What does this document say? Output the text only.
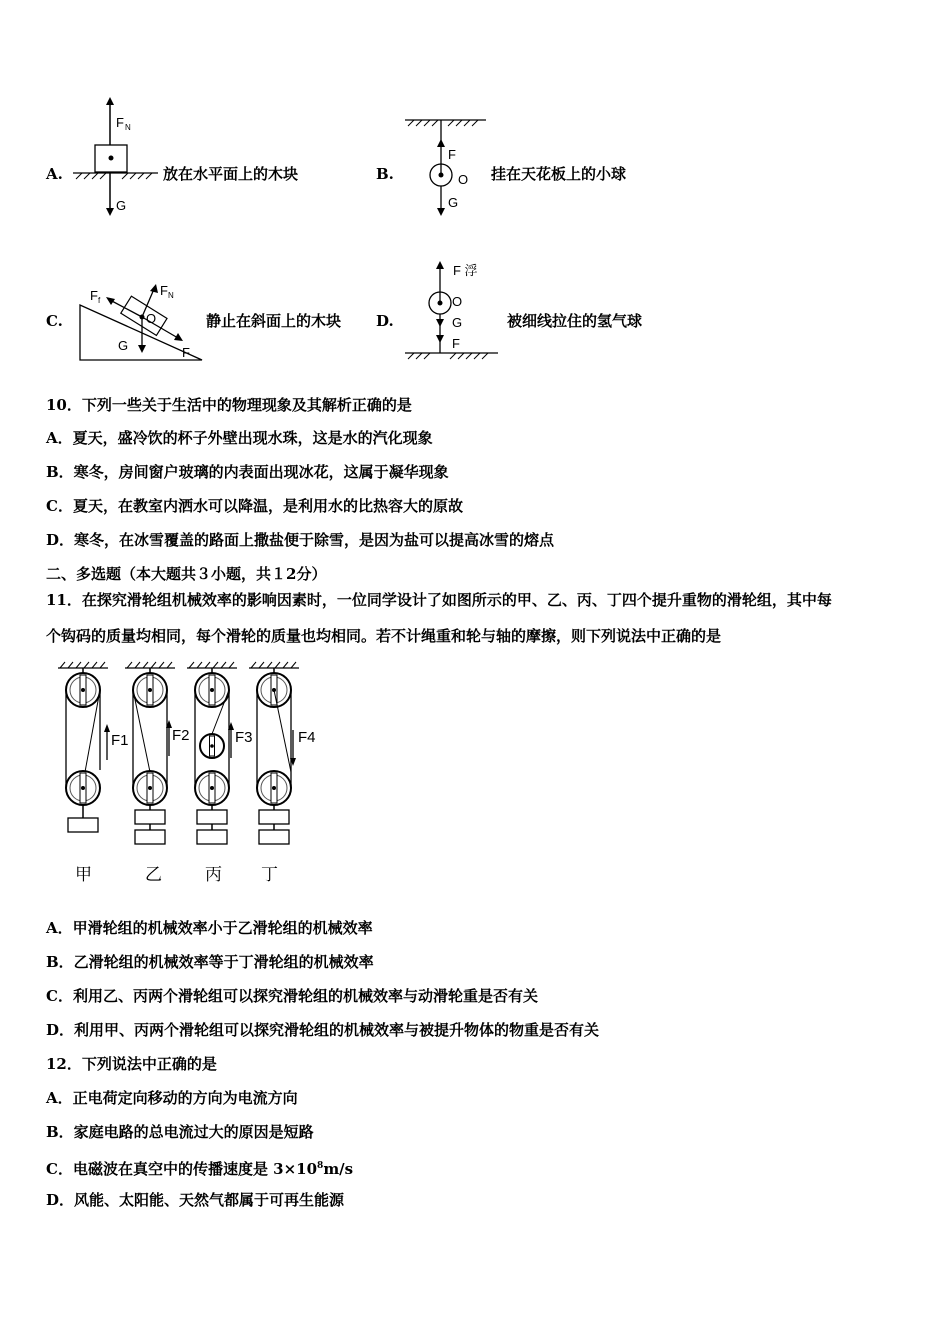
A.
F N
G
放在水平面上的木块	B.
F
O
G
挂在天花板上的小球
C.
F f
F N
O
G	F
静止在斜面上的木块 D.
F 浮
O
G
F
被细线拉住的氢气球
10．下列一些关于生活中的物理现象及其解析正确的是
A．夏天，盛冷饮的杯子外壁出现水珠，这是水的汽化现象
B．寒冬，房间窗户玻璃的内表面出现冰花，这属于凝华现象
C．夏天，在教室内洒水可以降温，是利用水的比热容大的原故
D．寒冬，在冰雪覆盖的路面上撒盐便于除雪，是因为盐可以提高冰雪的熔点
二、多选题（本大题共３小题，共１2分）
11．在探究滑轮组机械效率的影响因素时，一位同学设计了如图所示的甲、乙、丙、丁四个提升重物的滑轮组，其中每
个钩码的质量均相同，每个滑轮的质量也均相同。若不计绳重和轮与轴的摩擦，则下列说法中正确的是
F1	F2	F3	F4
甲	乙	丙 丁
A．甲滑轮组的机械效率小于乙滑轮组的机械效率
B．乙滑轮组的机械效率等于丁滑轮组的机械效率
C．利用乙、丙两个滑轮组可以探究滑轮组的机械效率与动滑轮重是否有关
D．利用甲、丙两个滑轮组可以探究滑轮组的机械效率与被提升物体的物重是否有关
12．下列说法中正确的是
A．正电荷定向移动的方向为电流方向
B．家庭电路的总电流过大的原因是短路
C．电磁波在真空中的传播速度是 $3\times 10^8m/s$
D．风能、太阳能、天然气都属于可再生能源
